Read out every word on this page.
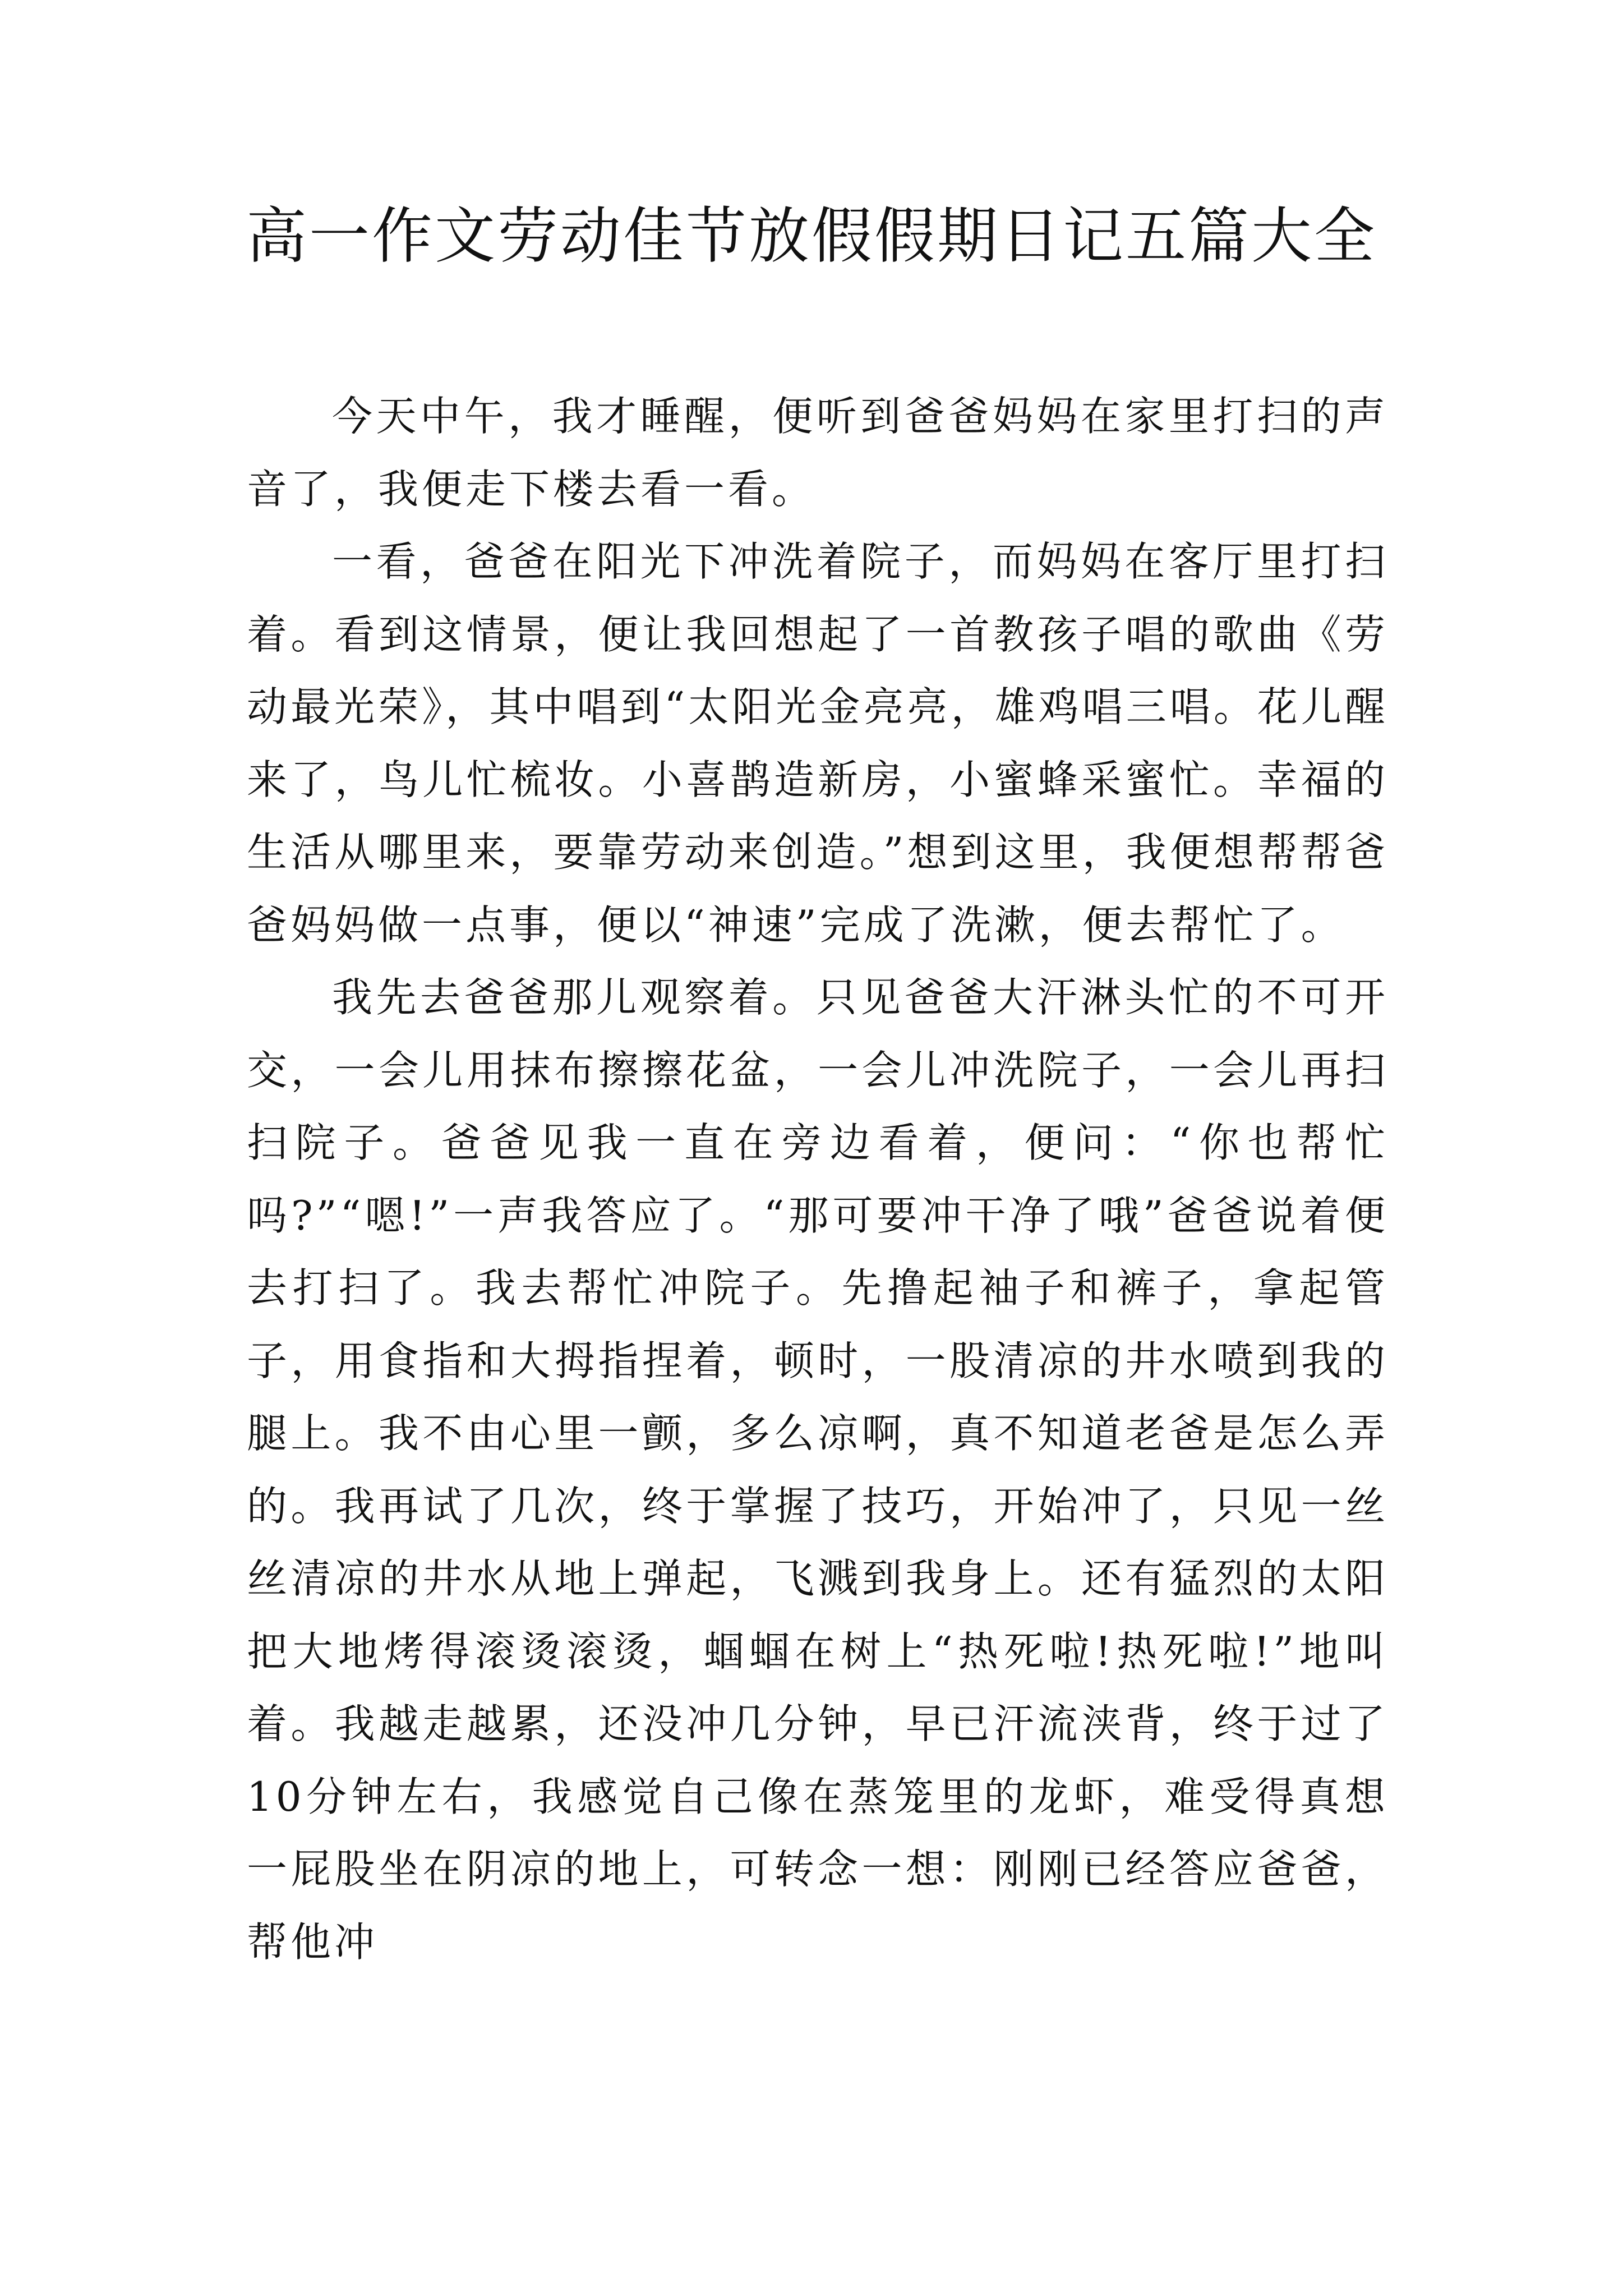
高一作文劳动佳节放假假期日记五篇大全

今天中午，我才睡醒，便听到爸爸妈妈在家里打扫的声音了，我便走下楼去看一看。

一看，爸爸在阳光下冲洗着院子，而妈妈在客厅里打扫着。看到这情景，便让我回想起了一首教孩子唱的歌曲《劳动最光荣》，其中唱到“太阳光金亮亮，雄鸡唱三唱。花儿醒来了，鸟儿忙梳妆。小喜鹊造新房，小蜜蜂采蜜忙。幸福的生活从哪里来，要靠劳动来创造。”想到这里，我便想帮帮爸爸妈妈做一点事，便以“神速”完成了洗漱，便去帮忙了。

我先去爸爸那儿观察着。只见爸爸大汗淋头忙的不可开交，一会儿用抹布擦擦花盆，一会儿冲洗院子，一会儿再扫扫院子。爸爸见我一直在旁边看着，便问：“你也帮忙吗?”“嗯!”一声我答应了。“那可要冲干净了哦”爸爸说着便去打扫了。我去帮忙冲院子。先撸起袖子和裤子，拿起管子，用食指和大拇指捏着，顿时，一股清凉的井水喷到我的腿上。我不由心里一颤，多么凉啊，真不知道老爸是怎么弄的。我再试了几次，终于掌握了技巧，开始冲了，只见一丝丝清凉的井水从地上弹起，飞溅到我身上。还有猛烈的太阳把大地烤得滚烫滚烫，蝈蝈在树上“热死啦!热死啦!”地叫着。我越走越累，还没冲几分钟，早已汗流浃背，终于过了10分钟左右，我感觉自己像在蒸笼里的龙虾，难受得真想一屁股坐在阴凉的地上，可转念一想：刚刚已经答应爸爸，帮他冲
